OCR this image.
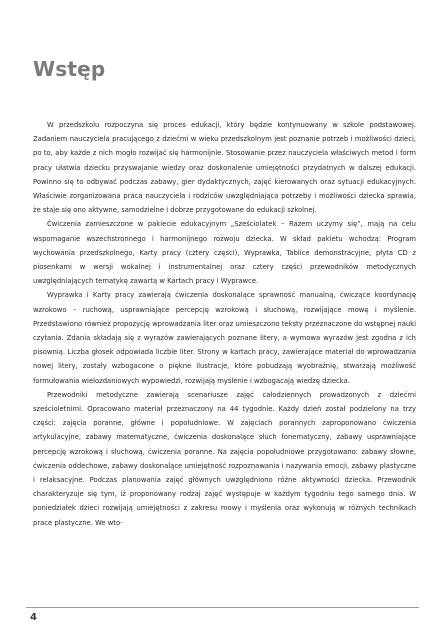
Wstęp

W przedszkolu rozpoczyna się proces edukacji, który będzie kontynuowany w szkole podstawowej. Zadaniem nauczyciela pracującego z dziećmi w wieku przedszkolnym jest poznanie potrzeb i możliwości dzieci, po to, aby każde z nich mogło rozwijać się harmonijnie. Stosowanie przez nauczyciela właściwych metod i form pracy ułatwia dziecku przyswajanie wiedzy oraz doskonalenie umiejętności przydatnych w dalszej edukacji. Powinno się to odbywać podczas zabawy, gier dydaktycznych, zajęć kierowanych oraz sytuacji edukacyjnych. Właściwie zorganizowana praca nauczyciela i rodziców uwzględniająca potrzeby i możliwości dziecka sprawia, że staje się ono aktywne, samodzielne i dobrze przygotowane do edukacji szkolnej.

Ćwiczenia zamieszczone w pakiecie edukacyjnym „Sześciolatek – Razem uczymy się”, mają na celu wspomaganie wszechstronnego i harmonijnego rozwoju dziecka. W skład pakietu wchodzą: Program wychowania przedszkolnego, Karty pracy (cztery części), Wyprawka, Tablice demonstracyjne, płyta CD z piosenkami w wersji wokalnej i instrumentalnej oraz cztery części przewodników metodycznych uwzględniających tematykę zawartą w Kartach pracy i Wyprawce.

Wyprawka i Karty pracy zawierają ćwiczenia doskonalące sprawność manualną, ćwiczące koordynację wzrokowo – ruchową, usprawniające percepcję wzrokową i słuchową, rozwijające mowę i myślenie. Przedstawiono również propozycję wprowadzania liter oraz umieszczono teksty przeznaczone do wstępnej nauki czytania. Zdania składają się z wyrazów zawierających poznane litery, a wymowa wyrazów jest zgodna z ich pisownią. Liczba głosek odpowiada liczbie liter. Strony w kartach pracy, zawierające materiał do wprowadzania nowej litery, zostały wzbogacone o piękne ilustracje, które pobudzają wyobraźnię, stwarzają możliwość formułowania wielozdaniowych wypowiedzi, rozwijają myślenie i wzbogacają wiedzę dziecka.

Przewodniki metodyczne zawierają scenariusze zajęć całodziennych prowadzonych z dziećmi sześcioletnimi. Opracowano materiał przeznaczony na 44 tygodnie. Każdy dzień został podzielony na trzy części: zajęcia poranne, główne i popołudniowe. W zajęciach porannych zaproponowano ćwiczenia artykulacyjne, zabawy matematyczne, ćwiczenia doskonalące słuch fonematyczny, zabawy usprawniające percepcję wzrokową i słuchową, ćwiczenia poranne. Na zajęcia popołudniowe przygotowano: zabawy słowne, ćwiczenia oddechowe, zabawy doskonalące umiejętność rozpoznawania i nazywania emocji, zabawy plastyczne i relaksacyjne. Podczas planowania zajęć głównych uwzględniono różne aktywności dziecka. Przewodnik charakteryzuje się tym, iż proponowany rodzaj zajęć występuje w każdym tygodniu tego samego dnia. W poniedziałek dzieci rozwijają umiejętności z zakresu mowy i myślenia oraz wykonują w różnych technikach prace plastyczne. We wto-

4
